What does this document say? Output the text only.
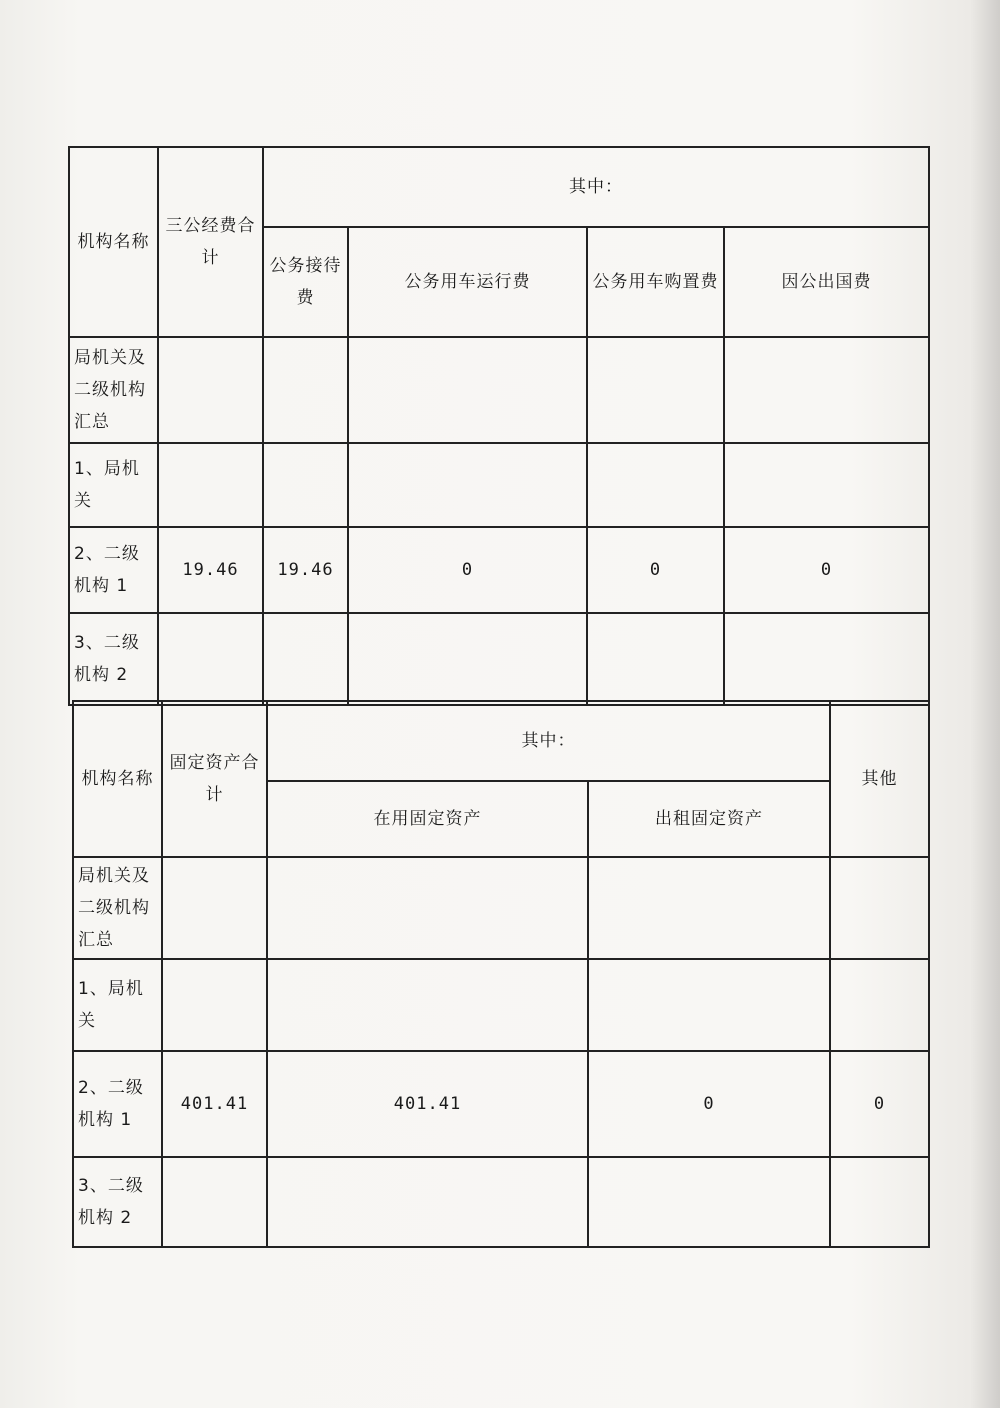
机构名称	三公经费合计	其中：			
		公务接待费	公务用车运行费	公务用车购置费	因公出国费
局机关及二级机构汇总					
1、局机关					
2、二级机构 1	19.46	19.46	0	0	0
3、二级机构 2					
机构名称	固定资产合计	其中：		其他
		在用固定资产	出租固定资产	
局机关及二级机构汇总				
1、局机关				
2、二级机构 1	401.41	401.41	0	0
3、二级机构 2				
